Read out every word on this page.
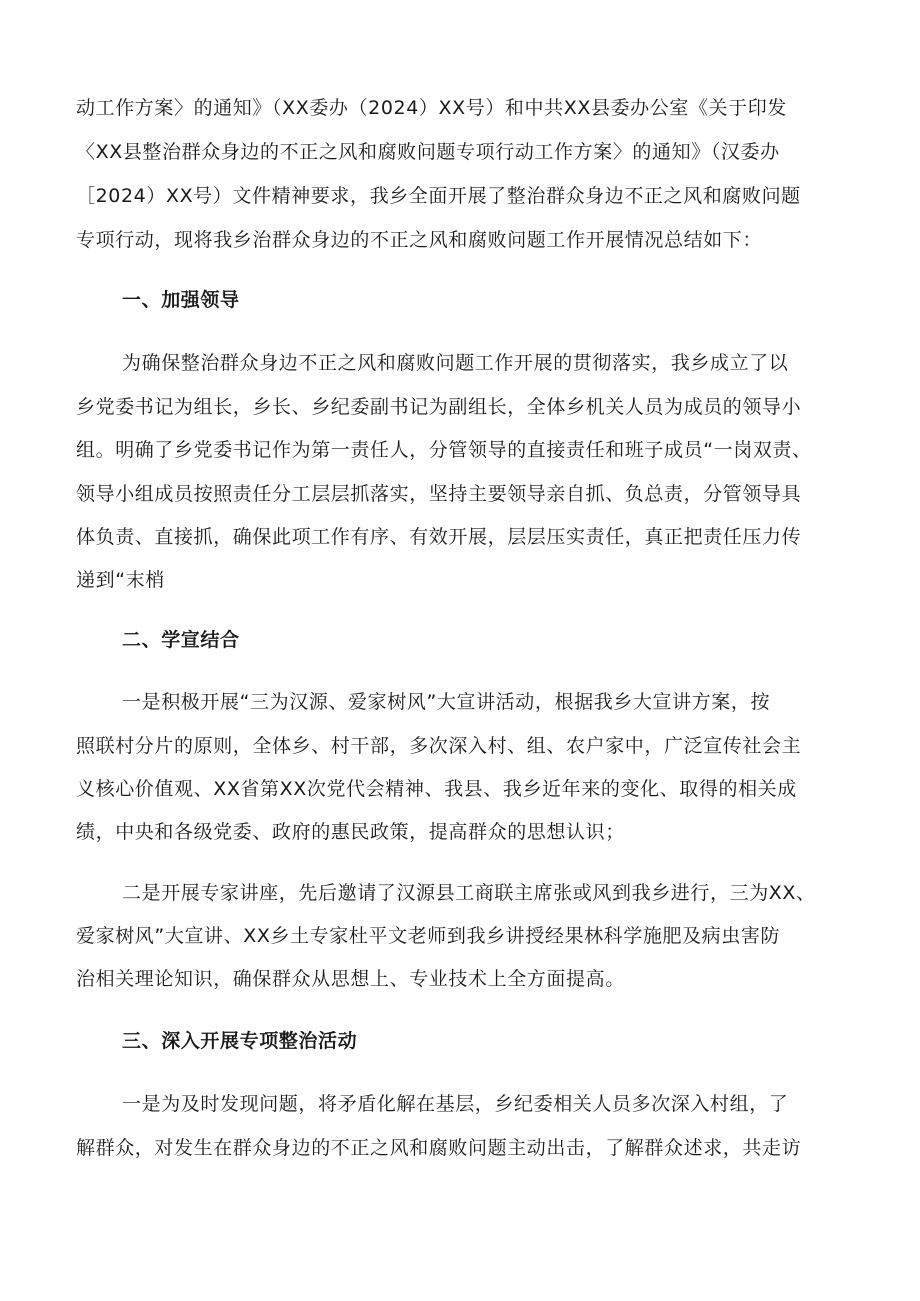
动工作方案〉的通知》（XX委办（2024）XX号）和中共XX县委办公室《关于印发
〈XX县整治群众身边的不正之风和腐败问题专项行动工作方案〉的通知》（汉委办
［2024）XX号）文件精神要求，我乡全面开展了整治群众身边不正之风和腐败问题
专项行动，现将我乡治群众身边的不正之风和腐败问题工作开展情况总结如下：
一、加强领导
为确保整治群众身边不正之风和腐败问题工作开展的贯彻落实，我乡成立了以
乡党委书记为组长，乡长、乡纪委副书记为副组长，全体乡机关人员为成员的领导小
组。明确了乡党委书记作为第一责任人，分管领导的直接责任和班子成员“一岗双责、
领导小组成员按照责任分工层层抓落实，坚持主要领导亲自抓、负总责，分管领导具
体负责、直接抓，确保此项工作有序、有效开展，层层压实责任，真正把责任压力传
递到“末梢
二、学宣结合
一是积极开展“三为汉源、爱家树风”大宣讲活动，根据我乡大宣讲方案，按
照联村分片的原则，全体乡、村干部，多次深入村、组、农户家中，广泛宣传社会主
义核心价值观、XX省第XX次党代会精神、我县、我乡近年来的变化、取得的相关成
绩，中央和各级党委、政府的惠民政策，提高群众的思想认识；
二是开展专家讲座，先后邀请了汉源县工商联主席张或风到我乡进行，三为XX、
爱家树风”大宣讲、XX乡土专家杜平文老师到我乡讲授经果林科学施肥及病虫害防
治相关理论知识，确保群众从思想上、专业技术上全方面提高。
三、深入开展专项整治活动
一是为及时发现问题，将矛盾化解在基层，乡纪委相关人员多次深入村组，了
解群众，对发生在群众身边的不正之风和腐败问题主动出击，了解群众述求，共走访
